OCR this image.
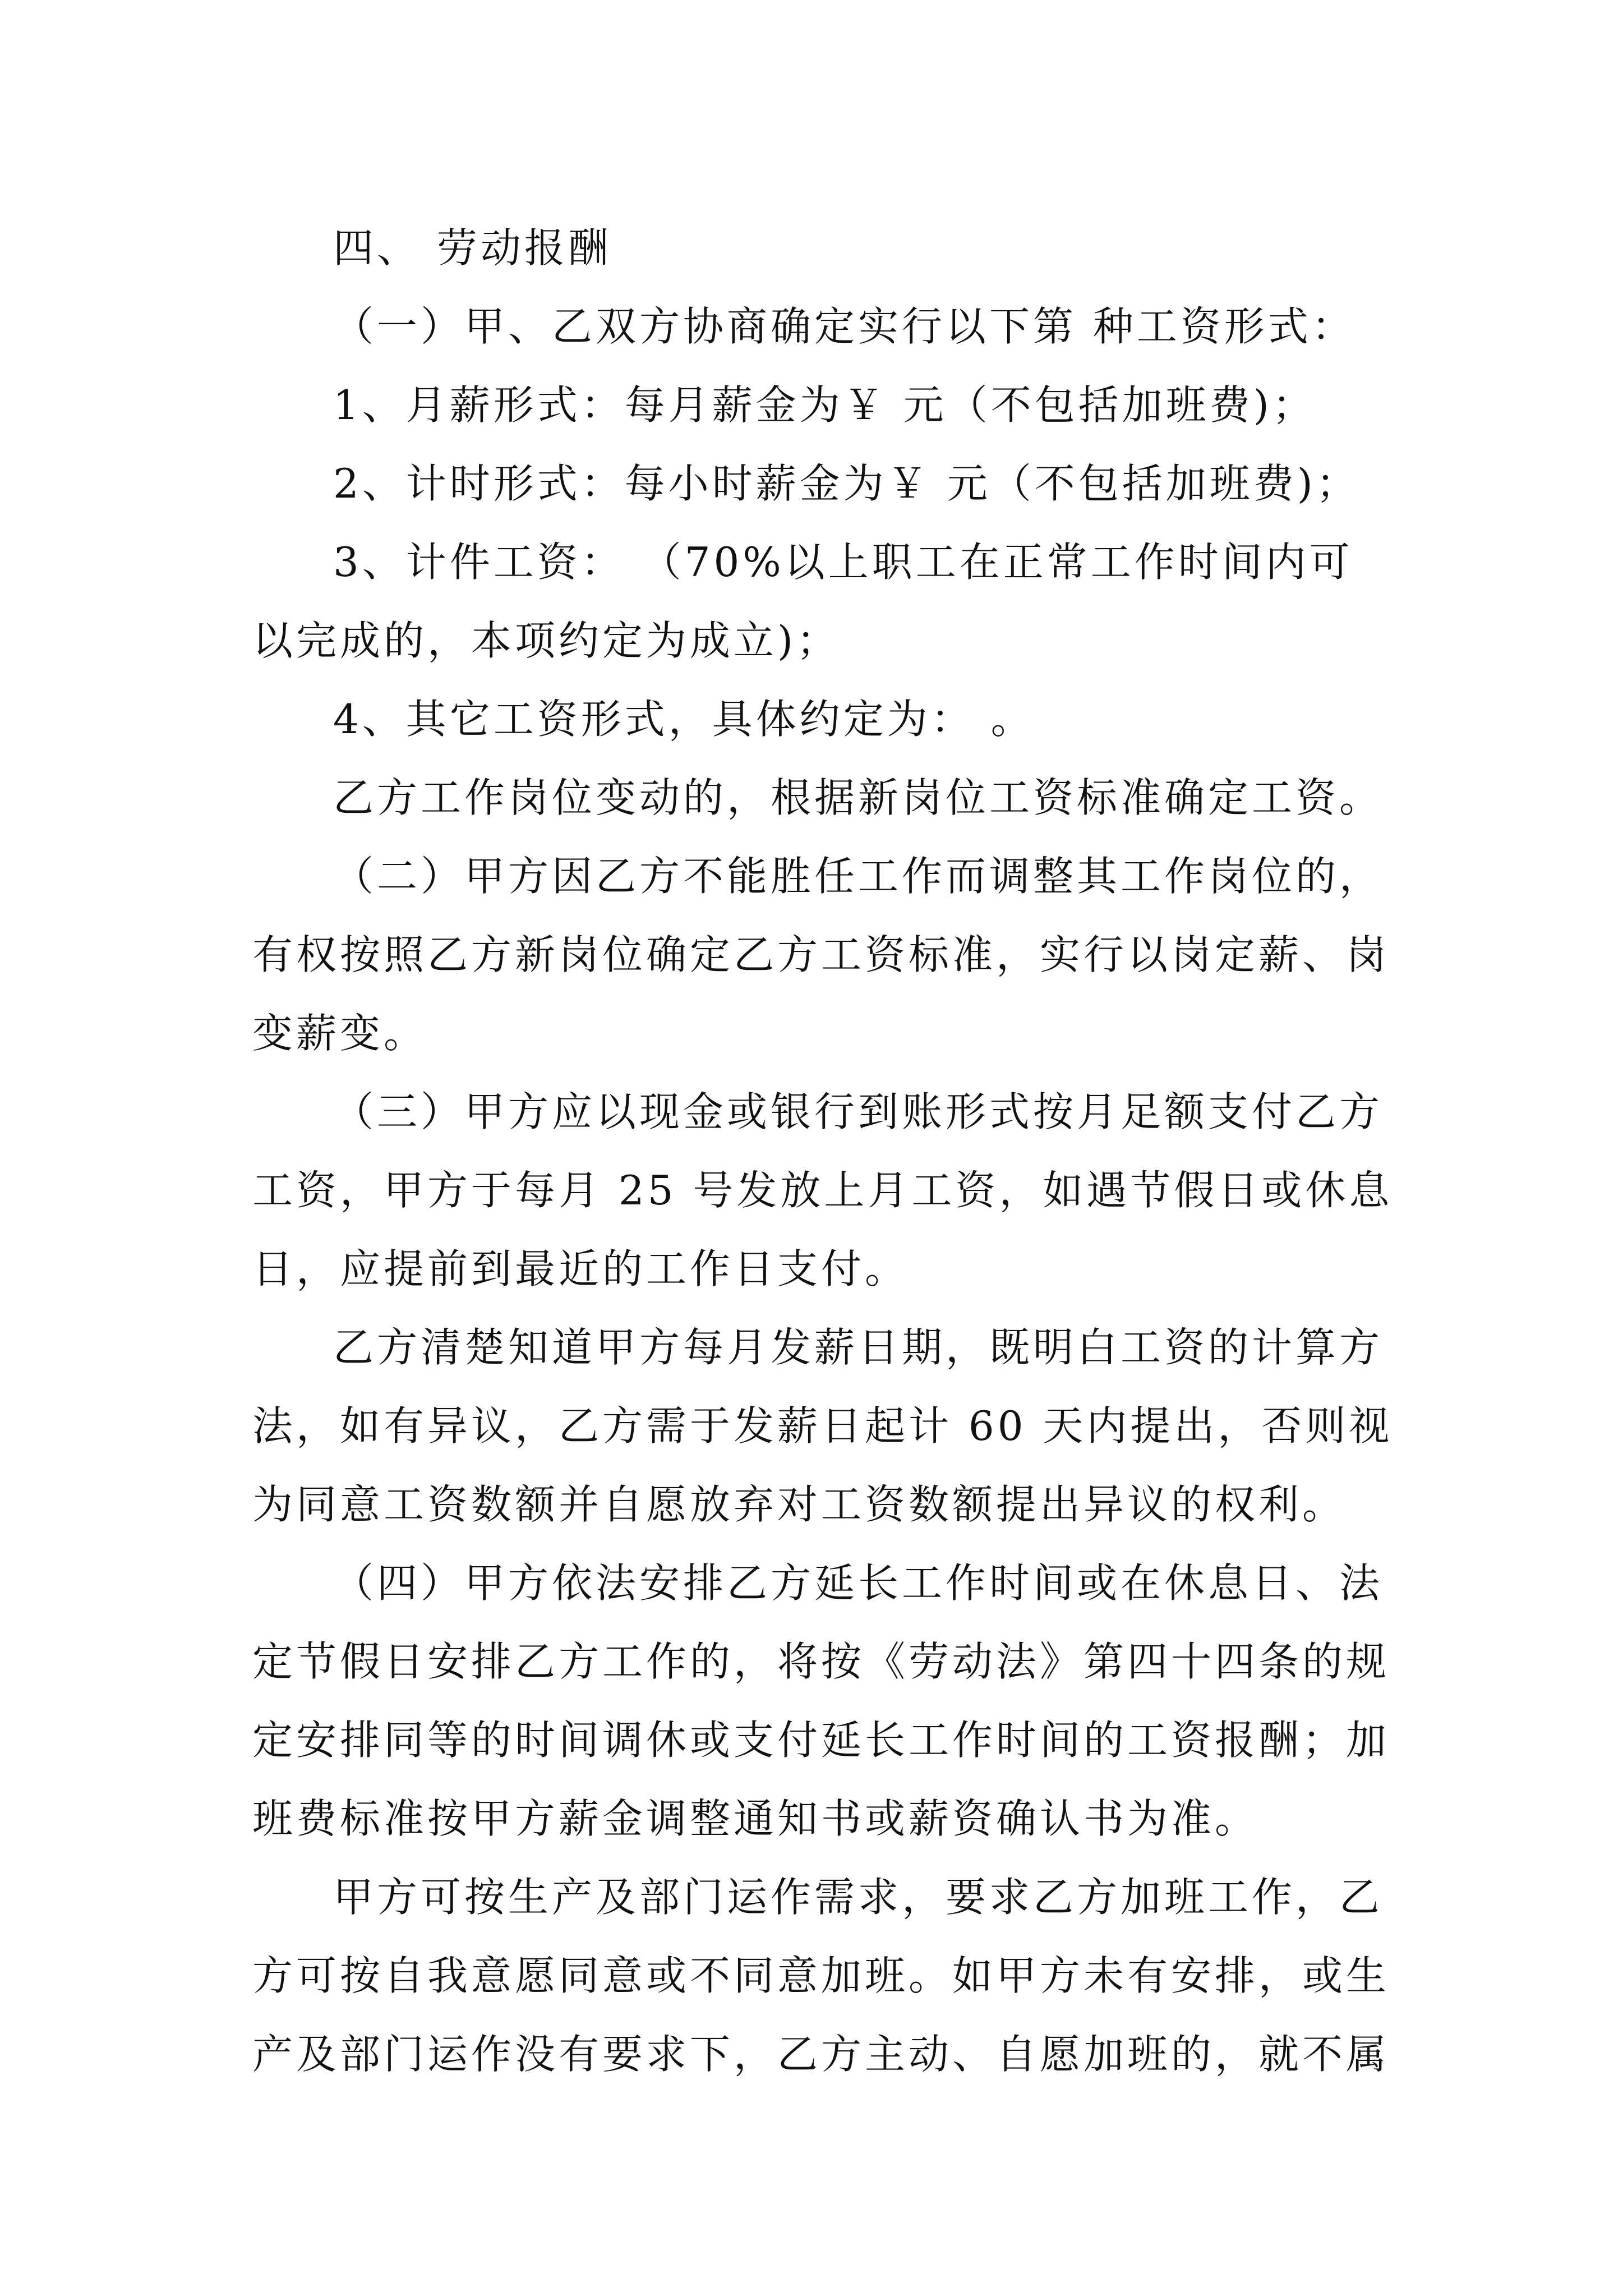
四、 劳动报酬

（一）甲、乙双方协商确定实行以下第 种工资形式：

1、月薪形式：每月薪金为￥ 元（不包括加班费)；

2、计时形式：每小时薪金为￥ 元（不包括加班费)；

3、计件工资： （70%以上职工在正常工作时间内可以完成的，本项约定为成立)；

4、其它工资形式，具体约定为： 。

乙方工作岗位变动的，根据新岗位工资标准确定工资。

（二）甲方因乙方不能胜任工作而调整其工作岗位的，有权按照乙方新岗位确定乙方工资标准，实行以岗定薪、岗变薪变。

（三）甲方应以现金或银行到账形式按月足额支付乙方工资，甲方于每月 25 号发放上月工资，如遇节假日或休息日，应提前到最近的工作日支付。

乙方清楚知道甲方每月发薪日期，既明白工资的计算方法，如有异议，乙方需于发薪日起计 60 天内提出，否则视为同意工资数额并自愿放弃对工资数额提出异议的权利。

（四）甲方依法安排乙方延长工作时间或在休息日、法定节假日安排乙方工作的，将按《劳动法》第四十四条的规定安排同等的时间调休或支付延长工作时间的工资报酬；加班费标准按甲方薪金调整通知书或薪资确认书为准。

甲方可按生产及部门运作需求，要求乙方加班工作，乙方可按自我意愿同意或不同意加班。如甲方未有安排，或生产及部门运作没有要求下，乙方主动、自愿加班的，就不属
